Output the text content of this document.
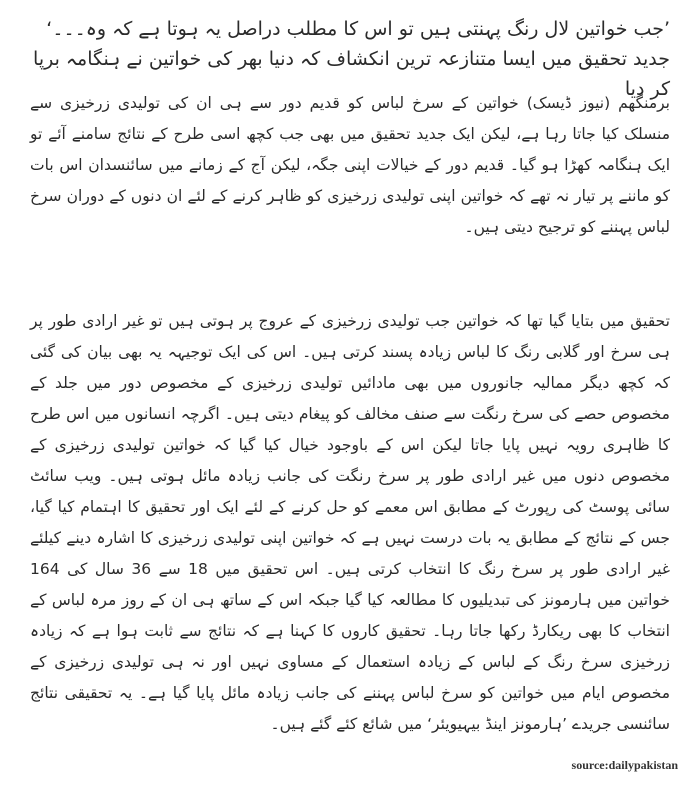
’جب خواتین لال رنگ پہنتی ہیں تو اس کا مطلب دراصل یہ ہوتا ہے کہ وہ۔۔۔‘ جدید تحقیق میں ایسا متنازعہ ترین انکشاف کہ دنیا بھر کی خواتین نے ہنگامہ برپا کر دیا

برمنگھم (نیوز ڈیسک) خواتین کے سرخ لباس کو قدیم دور سے ہی ان کی تولیدی زرخیزی سے منسلک کیا جاتا رہا ہے، لیکن ایک جدید تحقیق میں بھی جب کچھ اسی طرح کے نتائج سامنے آئے تو ایک ہنگامہ کھڑا ہو گیا۔ قدیم دور کے خیالات اپنی جگہ، لیکن آج کے زمانے میں سائنسدان اس بات کو ماننے پر تیار نہ تھے کہ خواتین اپنی تولیدی زرخیزی کو ظاہر کرنے کے لئے ان دنوں کے دوران سرخ لباس پہننے کو ترجیح دیتی ہیں۔

تحقیق میں بتایا گیا تھا کہ خواتین جب تولیدی زرخیزی کے عروج پر ہوتی ہیں تو غیر ارادی طور پر ہی سرخ اور گلابی رنگ کا لباس زیادہ پسند کرتی ہیں۔ اس کی ایک توجیہہ یہ بھی بیان کی گئی کہ کچھ دیگر ممالیہ جانوروں میں بھی مادائیں تولیدی زرخیزی کے مخصوص دور میں جلد کے مخصوص حصے کی سرخ رنگت سے صنف مخالف کو پیغام دیتی ہیں۔ اگرچہ انسانوں میں اس طرح کا ظاہری رویہ نہیں پایا جاتا لیکن اس کے باوجود خیال کیا گیا کہ خواتین تولیدی زرخیزی کے مخصوص دنوں میں غیر ارادی طور پر سرخ رنگت کی جانب زیادہ مائل ہوتی ہیں۔ ویب سائٹ سائی پوسٹ کی رپورٹ کے مطابق اس معمے کو حل کرنے کے لئے ایک اور تحقیق کا اہتمام کیا گیا، جس کے نتائج کے مطابق یہ بات درست نہیں ہے کہ خواتین اپنی تولیدی زرخیزی کا اشارہ دینے کیلئے غیر ارادی طور پر سرخ رنگ کا انتخاب کرتی ہیں۔ اس تحقیق میں 18 سے 36 سال کی 164 خواتین میں ہارمونز کی تبدیلیوں کا مطالعہ کیا گیا جبکہ اس کے ساتھ ہی ان کے روز مرہ لباس کے انتخاب کا بھی ریکارڈ رکھا جاتا رہا۔ تحقیق کاروں کا کہنا ہے کہ نتائج سے ثابت ہوا ہے کہ زیادہ زرخیزی سرخ رنگ کے لباس کے زیادہ استعمال کے مساوی نہیں اور نہ ہی تولیدی زرخیزی کے مخصوص ایام میں خواتین کو سرخ لباس پہننے کی جانب زیادہ مائل پایا گیا ہے۔ یہ تحقیقی نتائج سائنسی جریدے ’ہارمونز اینڈ بیہیویئر‘ میں شائع کئے گئے ہیں۔

source:dailypakistan
